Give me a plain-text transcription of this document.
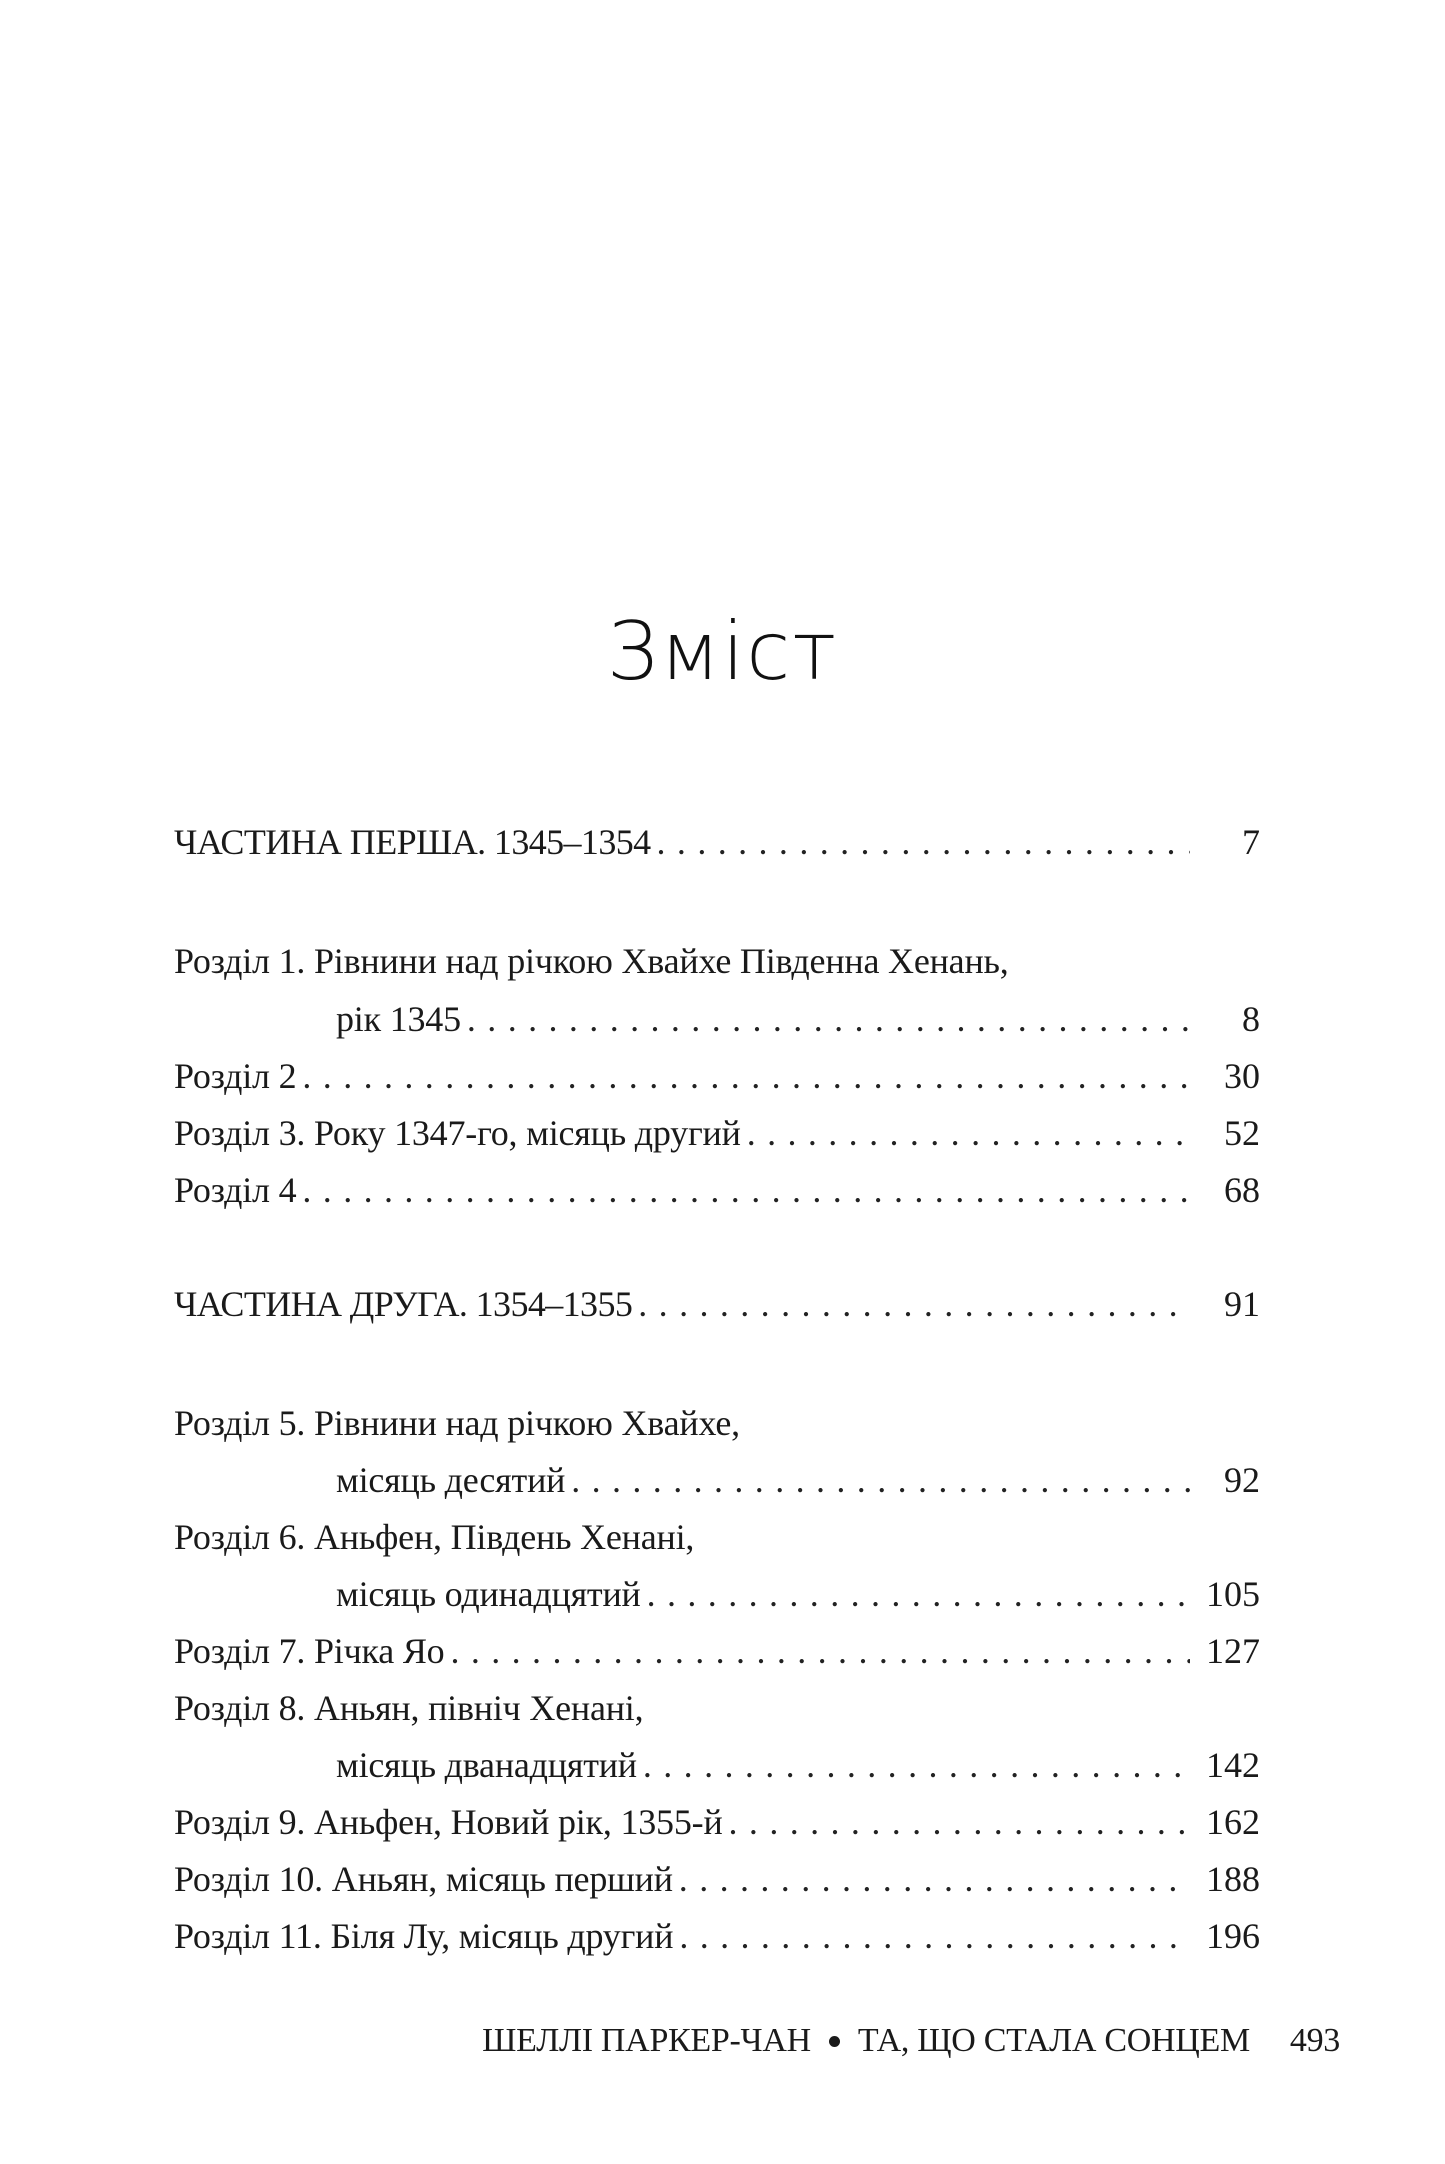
Зміст
ЧАСТИНА ПЕРША. 1345–1354 . . .	7
Розділ 1. Рівнини над річкою Хвайхе Південна Хенань,
рік 1345 . . .	8
Розділ 2 . . .	30
Розділ 3. Року 1347-го, місяць другий . . .	52
Розділ 4 . . .	68
ЧАСТИНА ДРУГА. 1354–1355 . . .	91
Розділ 5. Рівнини над річкою Хвайхе,
місяць десятий . . .	92
Розділ 6. Аньфен, Південь Хенані,
місяць одинадцятий . . .	105
Розділ 7. Річка Яо . . .	127
Розділ 8. Аньян, північ Хенані,
місяць дванадцятий . . .	142
Розділ 9. Аньфен, Новий рік, 1355-й . . .	162
Розділ 10. Аньян, місяць перший . . .	188
Розділ 11. Біля Лу, місяць другий . . .	196
ШЕЛЛІ ПАРКЕР-ЧАН ТА, ЩО СТАЛА СОНЦЕМ 493
